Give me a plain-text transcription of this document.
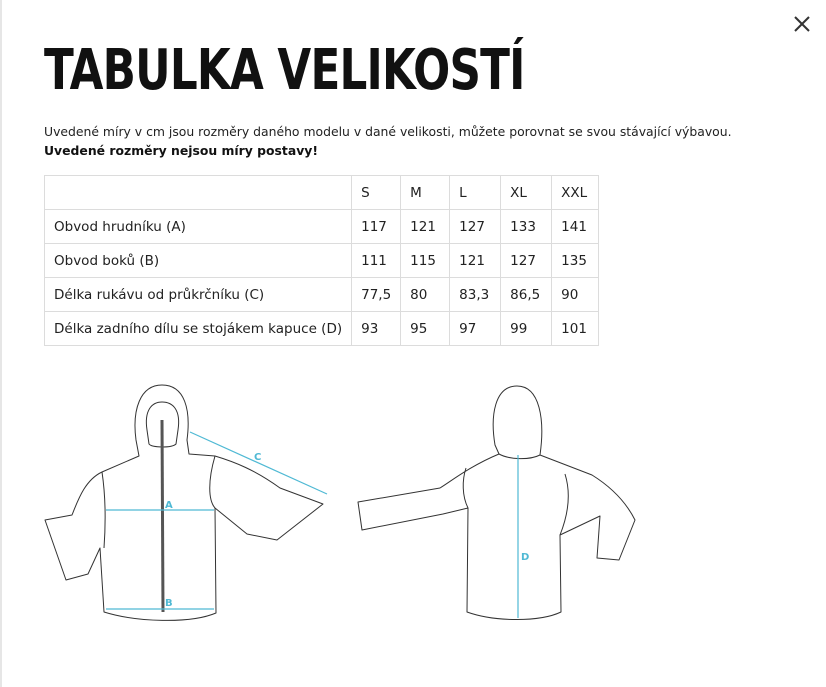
TABULKA VELIKOSTÍ
Uvedené míry v cm jsou rozměry daného modelu v dané velikosti, můžete porovnat se svou stávající výbavou.
Uvedené rozměry nejsou míry postavy!
	S	M	L	XL	XXL
Obvod hrudníku (A)	117	121	127	133	141
Obvod boků (B)	111	115	121	127	135
Délka rukávu od průkrčníku (C)	77,5	80	83,3	86,5	90
Délka zadního dílu se stojákem kapuce (D)	93	95	97	99	101
A
B
C
D
